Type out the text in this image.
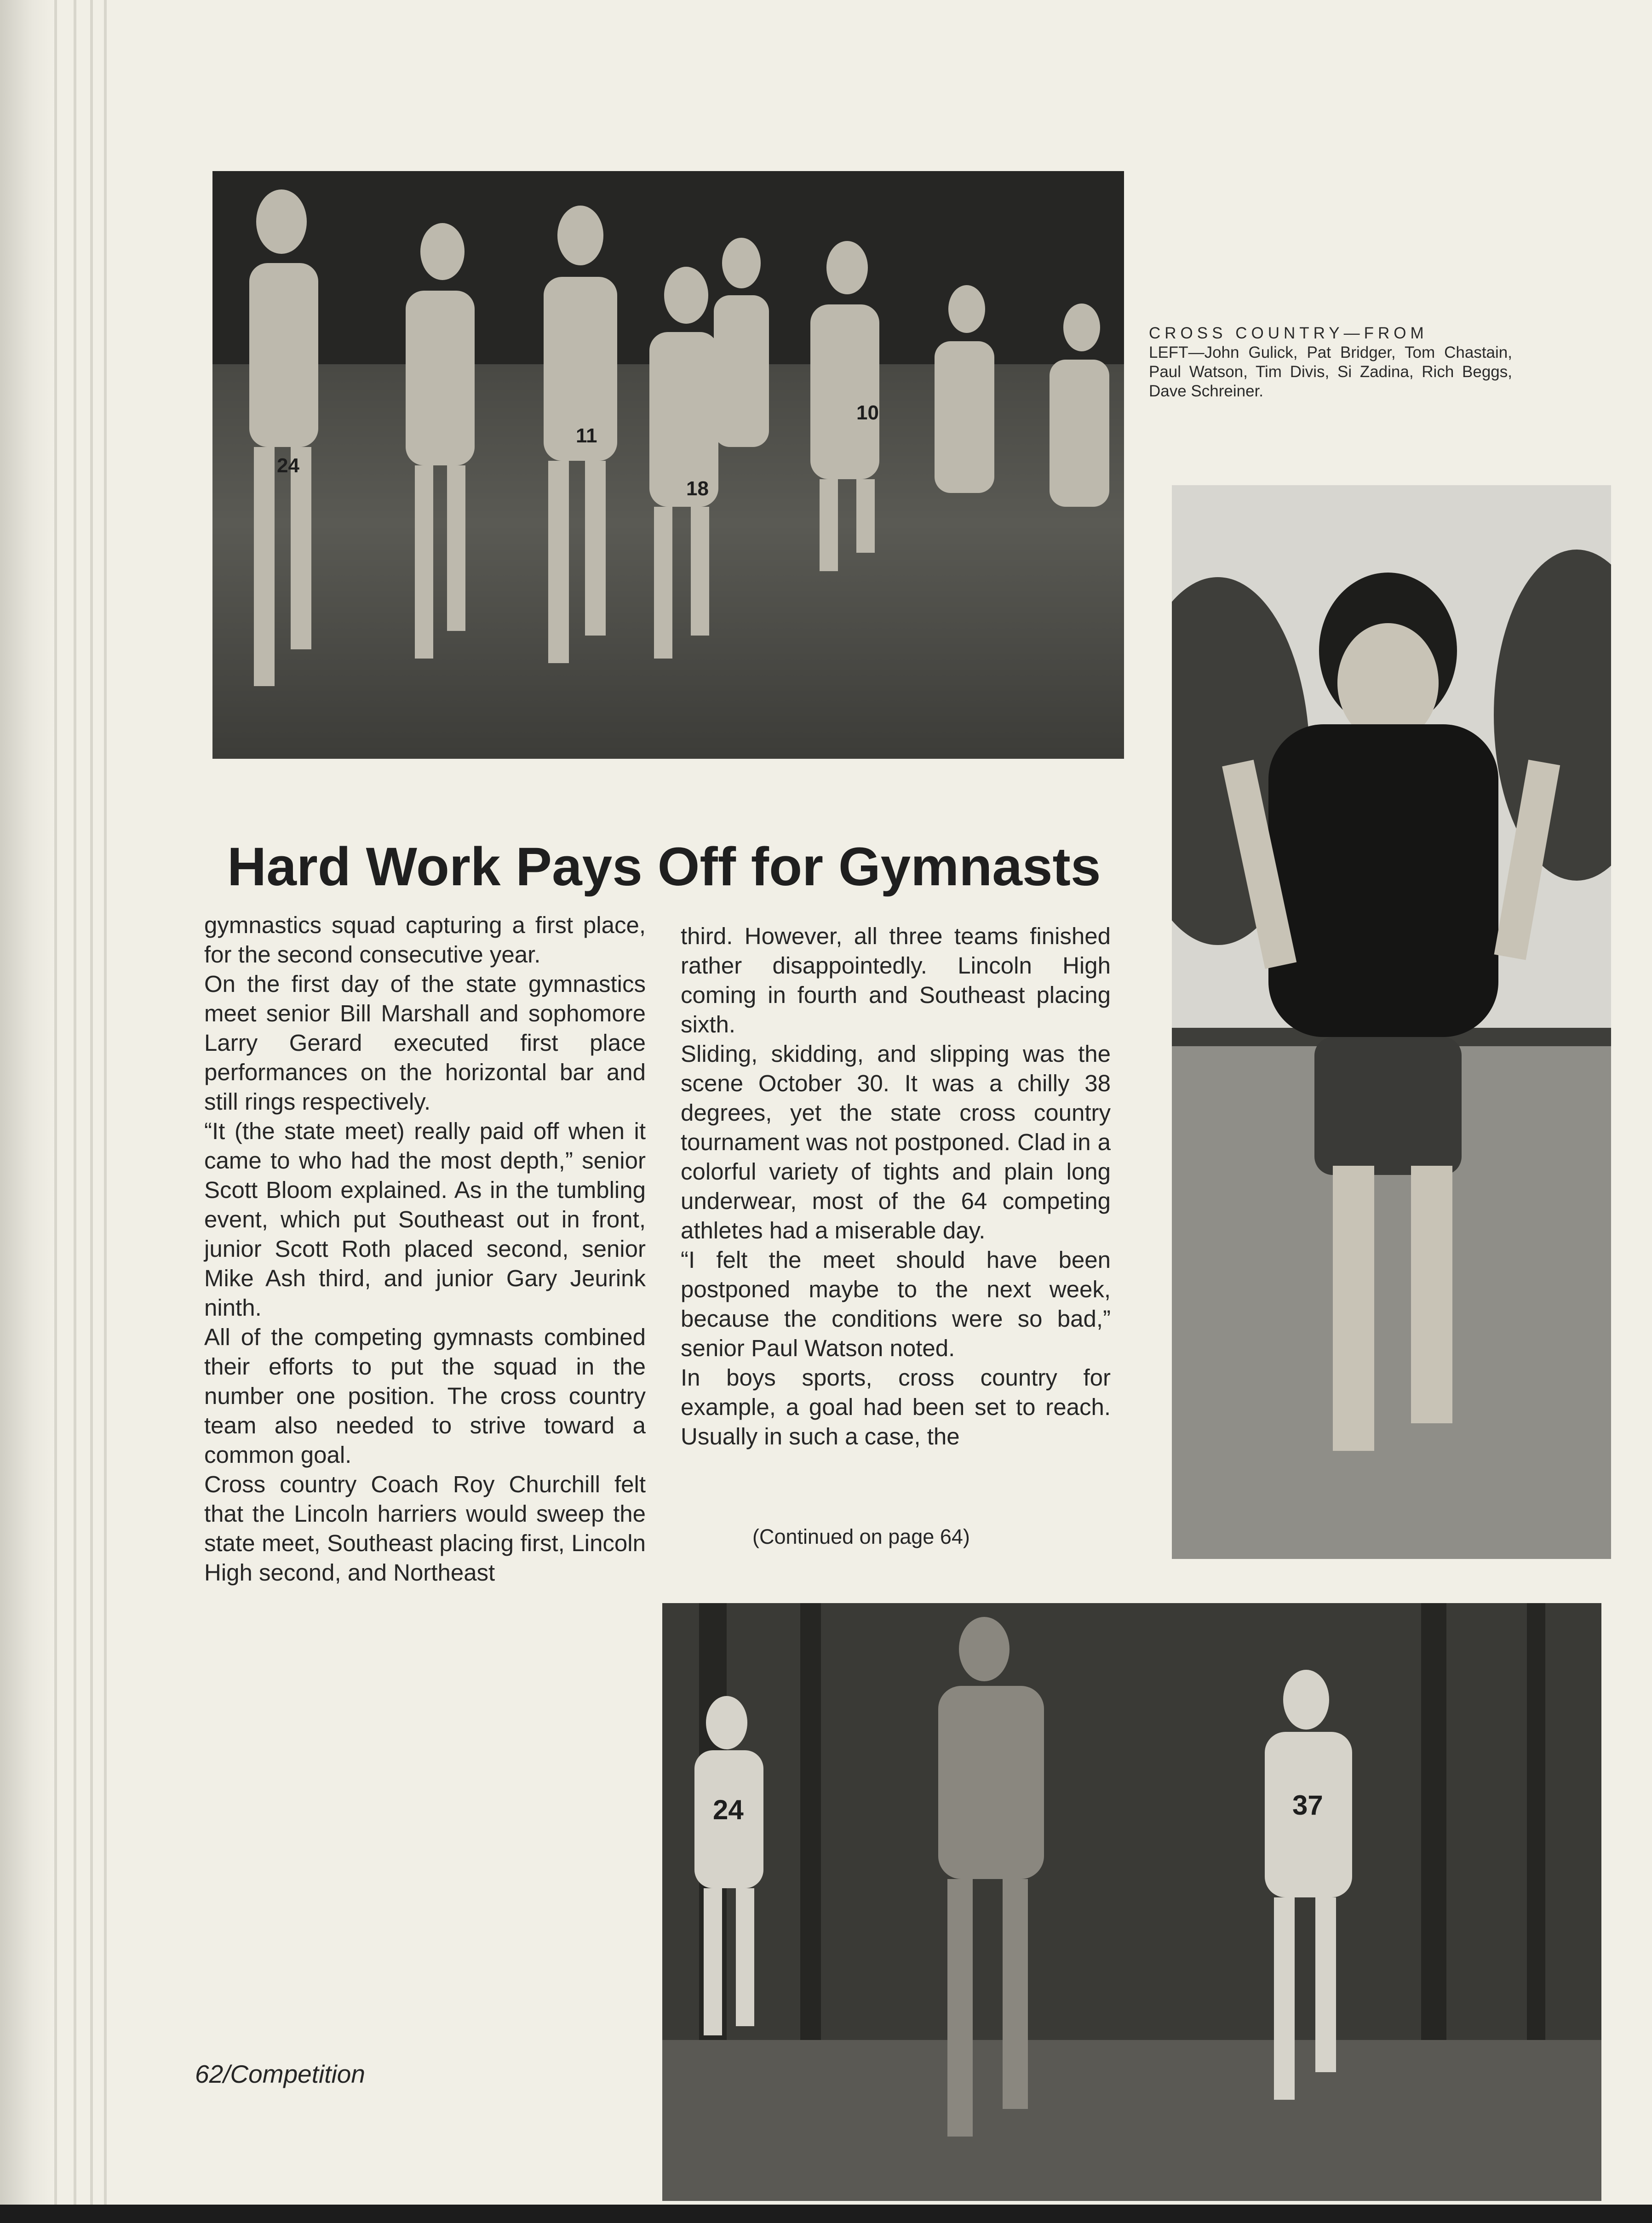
24
11
18
10
CROSS COUNTRY—FROM
LEFT—John Gulick, Pat Bridger, Tom Chastain, Paul Watson, Tim Divis, Si Zadina, Rich Beggs, Dave Schreiner.
Hard Work Pays Off for Gymnasts
gymnastics squad capturing a first place, for the second consecutive year.
On the first day of the state gymnastics meet senior Bill Marshall and sophomore Larry Gerard executed first place performances on the horizontal bar and still rings respectively.
“It (the state meet) really paid off when it came to who had the most depth,” senior Scott Bloom explained. As in the tumbling event, which put Southeast out in front, junior Scott Roth placed second, senior Mike Ash third, and junior Gary Jeurink ninth.
All of the competing gymnasts combined their efforts to put the squad in the number one position. The cross country team also needed to strive toward a common goal.
Cross country Coach Roy Churchill felt that the Lincoln harriers would sweep the state meet, Southeast placing first, Lincoln High second, and Northeast
third. However, all three teams finished rather disappointedly. Lincoln High coming in fourth and Southeast placing sixth.
Sliding, skidding, and slipping was the scene October 30. It was a chilly 38 degrees, yet the state cross country tournament was not postponed. Clad in a colorful variety of tights and plain long underwear, most of the 64 competing athletes had a miserable day.
“I felt the meet should have been postponed maybe to the next week, because the conditions were so bad,” senior Paul Watson noted.
In boys sports, cross country for example, a goal had been set to reach. Usually in such a case, the
(Continued on page 64)
24	37
62/Competition
